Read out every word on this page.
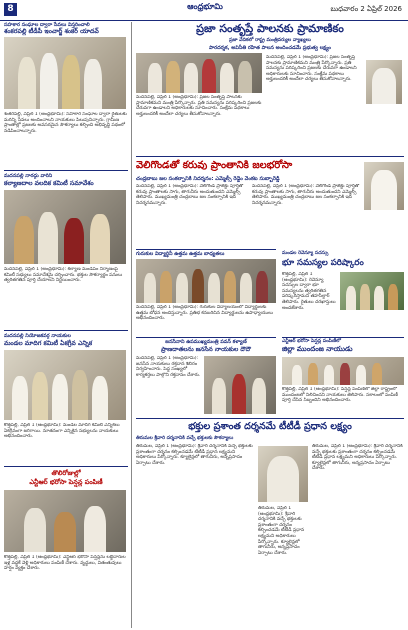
8	ఆంధ్రభూమి	బుధవారం 2 ఏప్రిల్ 2026
సహకార సంఘాల ద్వారా సేవలు విస్తరించాలి
శంకరపల్లి టీడీపీ ఇంచార్జ్ శంకర్ యాదవ్
శంకరపల్లి, ఏప్రిల్ 1 (ఆంధ్రభూమి): సహకార సంఘాల ద్వారా రైతులకు మరిన్ని సేవలు అందించాలని నాయకులు పిలుపునిచ్చారు. గ్రామీణ ప్రాంతాల్లో ప్రజలకు అవసరమైన సౌకర్యాలు కల్పించి అభివృద్ధి పథంలో నడిపించాలన్నారు.
మదనపల్లి నారద్గు వారిని
కల్యాణదాల వలదిక కమిటీ సమావేశం
మదనపల్లి, ఏప్రిల్ 1 (ఆంధ్రభూమి): కల్యాణ మండపం నిర్మాణంపై కమిటీ సభ్యులు సమావేశమై చర్చించారు. భక్తుల సౌకర్యార్థం పనులు త్వరితగతిన పూర్తి చేయాలని నిర్ణయించారు.
మదనపల్లి నియోజకవర్గ నాయకుల
మండల మాదిగ కమిటీ ఏకగ్రీవ ఎన్నిక
కొత్తపల్లి, ఏప్రిల్ 1 (ఆంధ్రభూమి): మండల మాదిగ కమిటీ ఎన్నికలు ఏకగ్రీవంగా జరిగాయి. నూతనంగా ఎన్నికైన సభ్యులను నాయకులు అభినందించారు.
తొలిరోజుల్లో
ఎన్టీఆర్ భరోసా పెన్షన్ల పంపిణీ
కొత్తపల్లి, ఏప్రిల్ 1 (ఆంధ్రభూమి): ఎన్టీఆర్ భరోసా పెన్షన్లను లబ్ధిదారుల ఇళ్ల వద్దకే వెళ్లి అధికారులు పంపిణీ చేశారు. వృద్ధులు, వితంతువులు హర్షం వ్యక్తం చేశారు.
ప్రజా సంతృప్తే పాలనకు ప్రామాణికం
ప్రజా వేదికలో రాష్ట్ర మంత్రివర్యుల వ్యాఖ్యలు
పారదర్శక, అవినీతి రహిత పాలన అందించడమే ప్రభుత్వ లక్ష్యం
మదనపల్లి, ఏప్రిల్ 1 (ఆంధ్రభూమి): ప్రజల సంతృప్తే పాలనకు ప్రామాణికమని మంత్రి పేర్కొన్నారు. ప్రతి సమస్యను పరిష్కరించి ప్రజలకు చేరువగా ఉండాలని అధికారులకు సూచించారు. సంక్షేమ పథకాలు అర్హులందరికీ అందేలా చర్యలు తీసుకోవాలన్నారు.
మదనపల్లి, ఏప్రిల్ 1 (ఆంధ్రభూమి): ప్రజల సంతృప్తే పాలనకు ప్రామాణికమని మంత్రి పేర్కొన్నారు. ప్రతి సమస్యను పరిష్కరించి ప్రజలకు చేరువగా ఉండాలని అధికారులకు సూచించారు. సంక్షేమ పథకాలు అర్హులందరికీ అందేలా చర్యలు తీసుకోవాలన్నారు.
వెలిగొండతో కరువు ప్రాంతానికి జలభరోసా
చంద్రబాబు జల సంకల్పానికి నిదర్శనం: ఎమ్మెల్సీ రెడ్డెం వెంకట సుబ్బారెడ్డి
మదనపల్లి, ఏప్రిల్ 1 (ఆంధ్రభూమి): వెలిగొండ ప్రాజెక్టు పూర్తితో కరువు ప్రాంతాలకు సాగు, తాగునీరు అందుతుందని ఎమ్మెల్సీ తెలిపారు. ముఖ్యమంత్రి చంద్రబాబు జల సంకల్పానికి ఇది నిదర్శనమన్నారు.
మదనపల్లి, ఏప్రిల్ 1 (ఆంధ్రభూమి): వెలిగొండ ప్రాజెక్టు పూర్తితో కరువు ప్రాంతాలకు సాగు, తాగునీరు అందుతుందని ఎమ్మెల్సీ తెలిపారు. ముఖ్యమంత్రి చంద్రబాబు జల సంకల్పానికి ఇది నిదర్శనమన్నారు.
గురుకుల విద్యార్థినీ ఉత్తమ ఉత్తమ బాధ్యతలు
మదనపల్లి, ఏప్రిల్ 1 (ఆంధ్రభూమి): గురుకుల విద్యాలయంలో విద్యార్థులకు ఉత్తమ బోధన అందిస్తున్నారు. ప్రతిభ కనబరిచిన విద్యార్థులను ఉపాధ్యాయులు అభినందించారు.
మండల రెవెన్యూ సదస్సు
భూ సమస్యల పరిష్కారం
కొత్తపల్లి, ఏప్రిల్ 1 (ఆంధ్రభూమి): రెవెన్యూ సదస్సుల ద్వారా భూ సమస్యలను త్వరితగతిన పరిష్కరిస్తామని తహసీల్దార్ తెలిపారు. రైతులు దరఖాస్తులు అందజేశారు.
జనసేనాని ఉపముఖ్యమంత్రి పవన్ కళ్యాణ్
ప్రాణదాతలను జనసేన నాయకుల దౌదౌ
మదనపల్లి, ఏప్రిల్ 1 (ఆంధ్రభూమి): జనసేన నాయకులు రక్తదాన శిబిరం నిర్వహించారు. పెద్ద సంఖ్యలో కార్యకర్తలు పాల్గొని రక్తదానం చేశారు.
ఎన్టీఆర్ భరోసా పెన్షన్ల పంపిణీలో
జిల్లా ముందంజ నాయుడు
కొత్తపల్లి, ఏప్రిల్ 1 (ఆంధ్రభూమి): పెన్షన్ల పంపిణీలో జిల్లా రాష్ట్రంలో ముందంజలో నిలిచిందని నాయకులు తెలిపారు. సకాలంలో పంపిణీ పూర్తి చేసిన సిబ్బందిని అభినందించారు.
భక్తుల ప్రశాంత దర్శనమే టీటీడీ ప్రధాన లక్ష్యం
తిరుమల శ్రీవారి దర్శనానికి వచ్చే భక్తులకు సౌకర్యాలు
తిరుమల, ఏప్రిల్ 1 (ఆంధ్రభూమి): శ్రీవారి దర్శనానికి వచ్చే భక్తులకు ప్రశాంతంగా దర్శనం కల్పించడమే టీటీడీ ప్రధాన లక్ష్యమని అధికారులు పేర్కొన్నారు. క్యూలైన్లలో తాగునీరు, అన్నప్రసాదం ఏర్పాటు చేశారు.
తిరుమల, ఏప్రిల్ 1 (ఆంధ్రభూమి): శ్రీవారి దర్శనానికి వచ్చే భక్తులకు ప్రశాంతంగా దర్శనం కల్పించడమే టీటీడీ ప్రధాన లక్ష్యమని అధికారులు పేర్కొన్నారు. క్యూలైన్లలో తాగునీరు, అన్నప్రసాదం ఏర్పాటు చేశారు.
తిరుమల, ఏప్రిల్ 1 (ఆంధ్రభూమి): శ్రీవారి దర్శనానికి వచ్చే భక్తులకు ప్రశాంతంగా దర్శనం కల్పించడమే టీటీడీ ప్రధాన లక్ష్యమని అధికారులు పేర్కొన్నారు. క్యూలైన్లలో తాగునీరు, అన్నప్రసాదం ఏర్పాటు చేశారు.
